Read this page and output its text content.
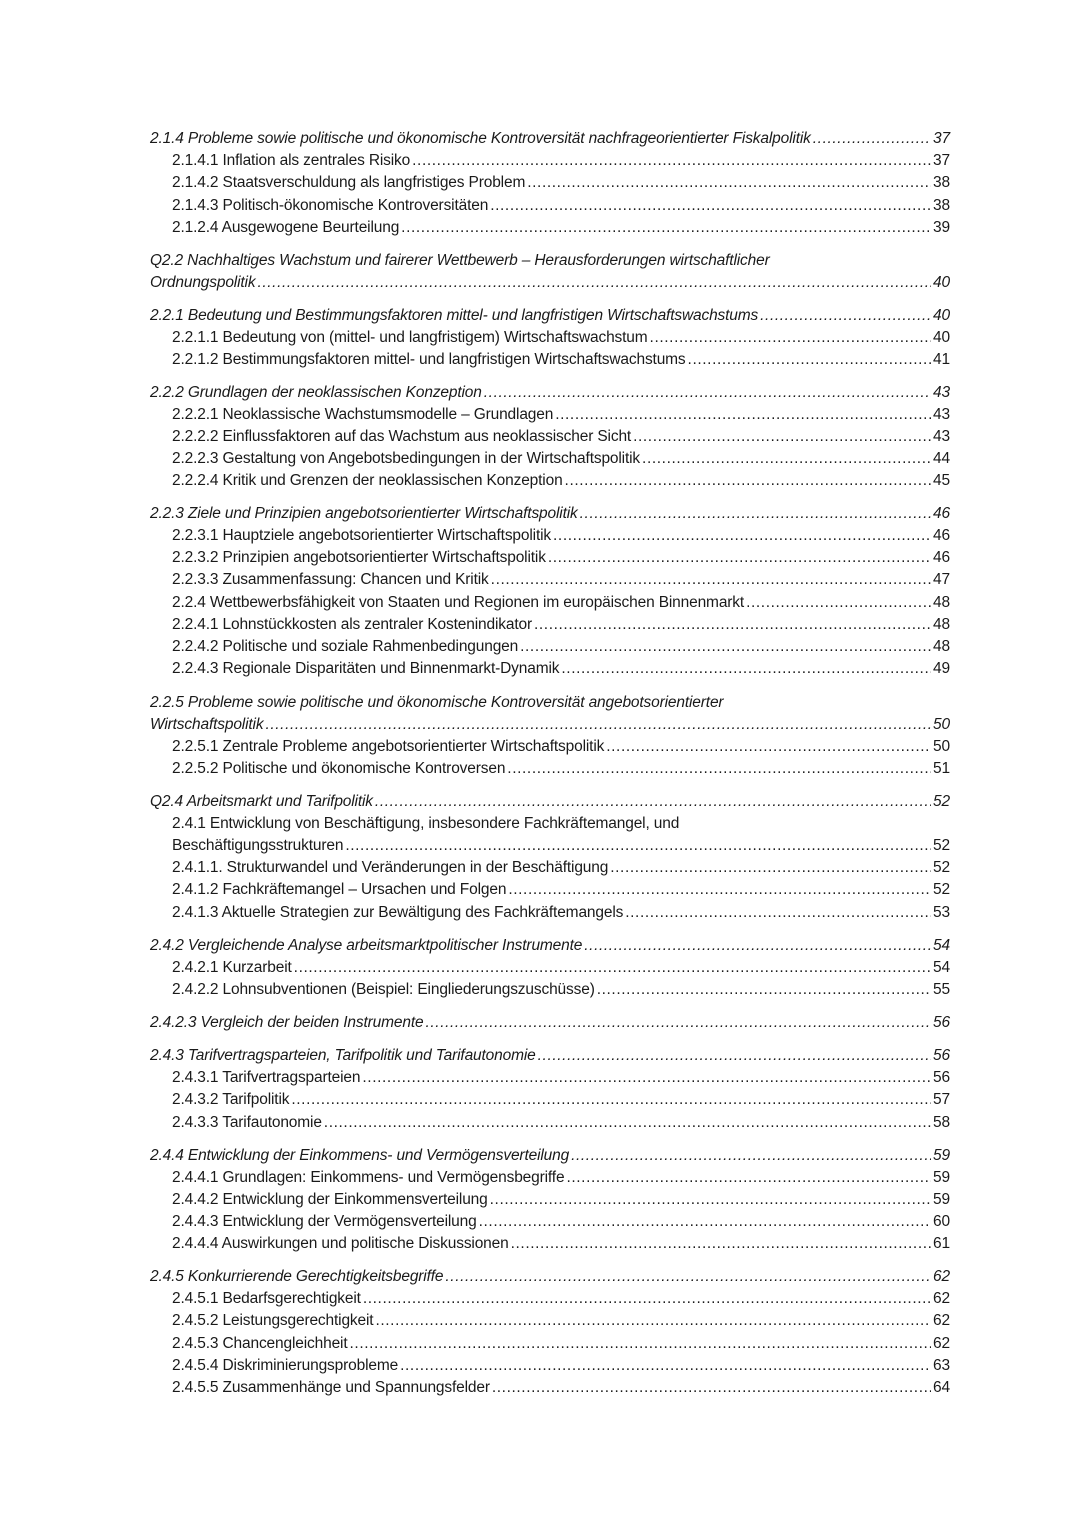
2.1.4 Probleme sowie politische und ökonomische Kontroversität nachfrageorientierter Fiskalpolitik .....	37
2.1.4.1 Inflation als zentrales Risiko .....	37
2.1.4.2 Staatsverschuldung als langfristiges Problem .....	38
2.1.4.3 Politisch-ökonomische Kontroversitäten .....	38
2.1.2.4 Ausgewogene Beurteilung .....	39
Q2.2 Nachhaltiges Wachstum und fairerer Wettbewerb – Herausforderungen wirtschaftlicher
Ordnungspolitik .....	40
2.2.1 Bedeutung und Bestimmungsfaktoren mittel- und langfristigen Wirtschaftswachstums .....	40
2.2.1.1 Bedeutung von (mittel- und langfristigem) Wirtschaftswachstum .....	40
2.2.1.2 Bestimmungsfaktoren mittel- und langfristigen Wirtschaftswachstums .....	41
2.2.2 Grundlagen der neoklassischen Konzeption .....	43
2.2.2.1 Neoklassische Wachstumsmodelle – Grundlagen .....	43
2.2.2.2 Einflussfaktoren auf das Wachstum aus neoklassischer Sicht .....	43
2.2.2.3 Gestaltung von Angebotsbedingungen in der Wirtschaftspolitik .....	44
2.2.2.4 Kritik und Grenzen der neoklassischen Konzeption .....	45
2.2.3 Ziele und Prinzipien angebotsorientierter Wirtschaftspolitik .....	46
2.2.3.1 Hauptziele angebotsorientierter Wirtschaftspolitik .....	46
2.2.3.2 Prinzipien angebotsorientierter Wirtschaftspolitik .....	46
2.2.3.3 Zusammenfassung: Chancen und Kritik .....	47
2.2.4 Wettbewerbsfähigkeit von Staaten und Regionen im europäischen Binnenmarkt .....	48
2.2.4.1 Lohnstückkosten als zentraler Kostenindikator .....	48
2.2.4.2 Politische und soziale Rahmenbedingungen .....	48
2.2.4.3 Regionale Disparitäten und Binnenmarkt-Dynamik .....	49
2.2.5 Probleme sowie politische und ökonomische Kontroversität angebotsorientierter
Wirtschaftspolitik .....	50
2.2.5.1 Zentrale Probleme angebotsorientierter Wirtschaftspolitik .....	50
2.2.5.2 Politische und ökonomische Kontroversen .....	51
Q2.4 Arbeitsmarkt und Tarifpolitik .....	52
2.4.1 Entwicklung von Beschäftigung, insbesondere Fachkräftemangel, und
Beschäftigungsstrukturen .....	52
2.4.1.1. Strukturwandel und Veränderungen in der Beschäftigung .....	52
2.4.1.2 Fachkräftemangel – Ursachen und Folgen .....	52
2.4.1.3 Aktuelle Strategien zur Bewältigung des Fachkräftemangels .....	53
2.4.2 Vergleichende Analyse arbeitsmarktpolitischer Instrumente .....	54
2.4.2.1 Kurzarbeit .....	54
2.4.2.2 Lohnsubventionen (Beispiel: Eingliederungszuschüsse) .....	55
2.4.2.3 Vergleich der beiden Instrumente .....	56
2.4.3 Tarifvertragsparteien, Tarifpolitik und Tarifautonomie .....	56
2.4.3.1 Tarifvertragsparteien .....	56
2.4.3.2 Tarifpolitik .....	57
2.4.3.3 Tarifautonomie .....	58
2.4.4 Entwicklung der Einkommens- und Vermögensverteilung .....	59
2.4.4.1 Grundlagen: Einkommens- und Vermögensbegriffe .....	59
2.4.4.2 Entwicklung der Einkommensverteilung .....	59
2.4.4.3 Entwicklung der Vermögensverteilung .....	60
2.4.4.4 Auswirkungen und politische Diskussionen .....	61
2.4.5 Konkurrierende Gerechtigkeitsbegriffe .....	62
2.4.5.1 Bedarfsgerechtigkeit .....	62
2.4.5.2 Leistungsgerechtigkeit .....	62
2.4.5.3 Chancengleichheit .....	62
2.4.5.4 Diskriminierungsprobleme .....	63
2.4.5.5 Zusammenhänge und Spannungsfelder .....	64
